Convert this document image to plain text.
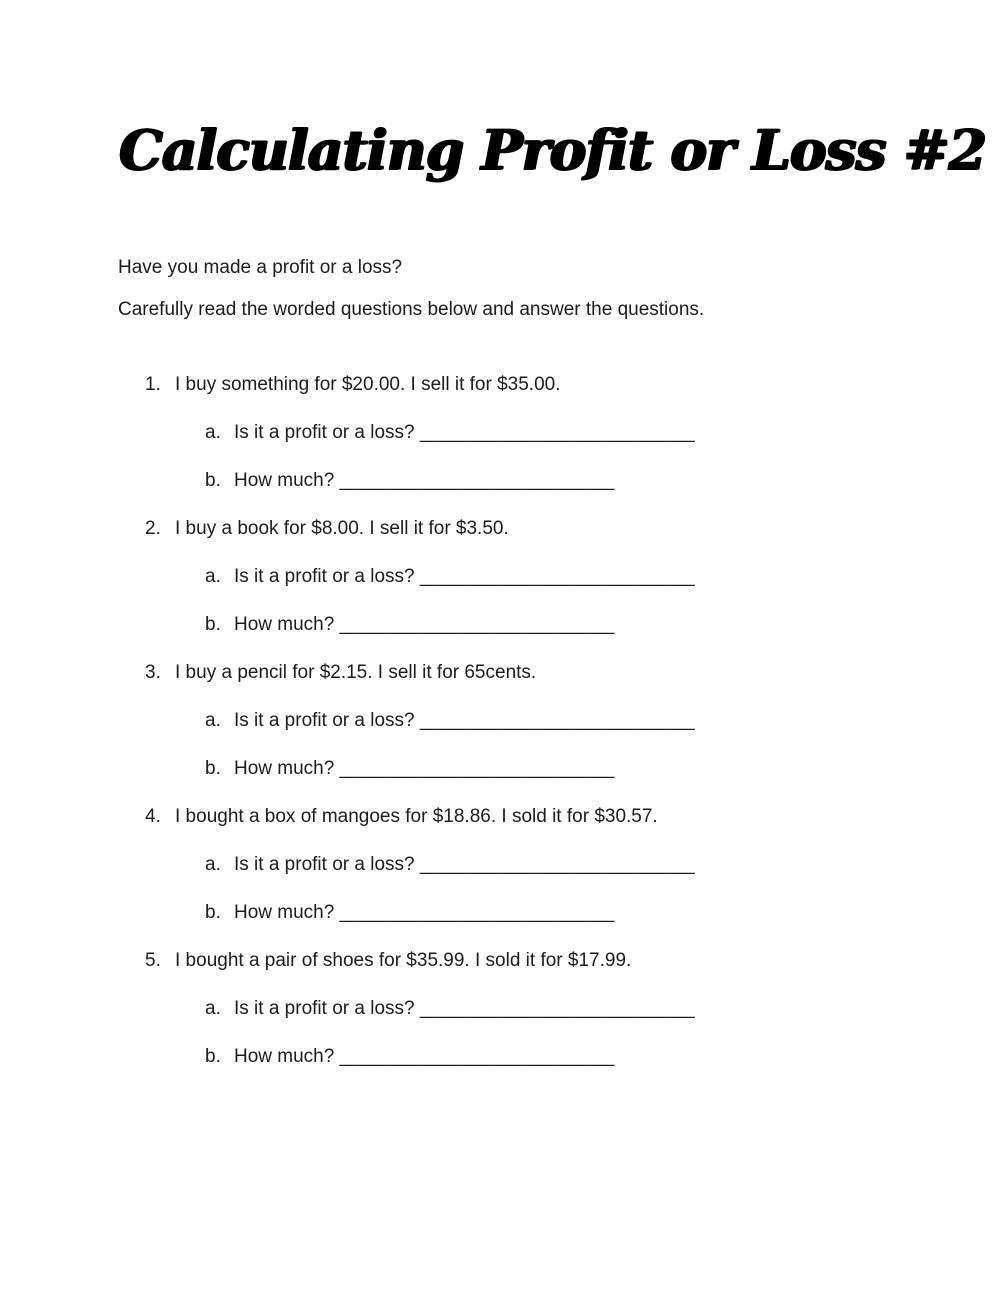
Calculating Profit or Loss #2

Have you made a profit or a loss?

Carefully read the worded questions below and answer the questions.

1. I buy something for $20.00. I sell it for $35.00.
a. Is it a profit or a loss? __________________________
b. How much? __________________________
2. I buy a book for $8.00. I sell it for $3.50.
a. Is it a profit or a loss? __________________________
b. How much? __________________________
3. I buy a pencil for $2.15. I sell it for 65cents.
a. Is it a profit or a loss? __________________________
b. How much? __________________________
4. I bought a box of mangoes for $18.86. I sold it for $30.57.
a. Is it a profit or a loss? __________________________
b. How much? __________________________
5. I bought a pair of shoes for $35.99. I sold it for $17.99.
a. Is it a profit or a loss? __________________________
b. How much? __________________________
